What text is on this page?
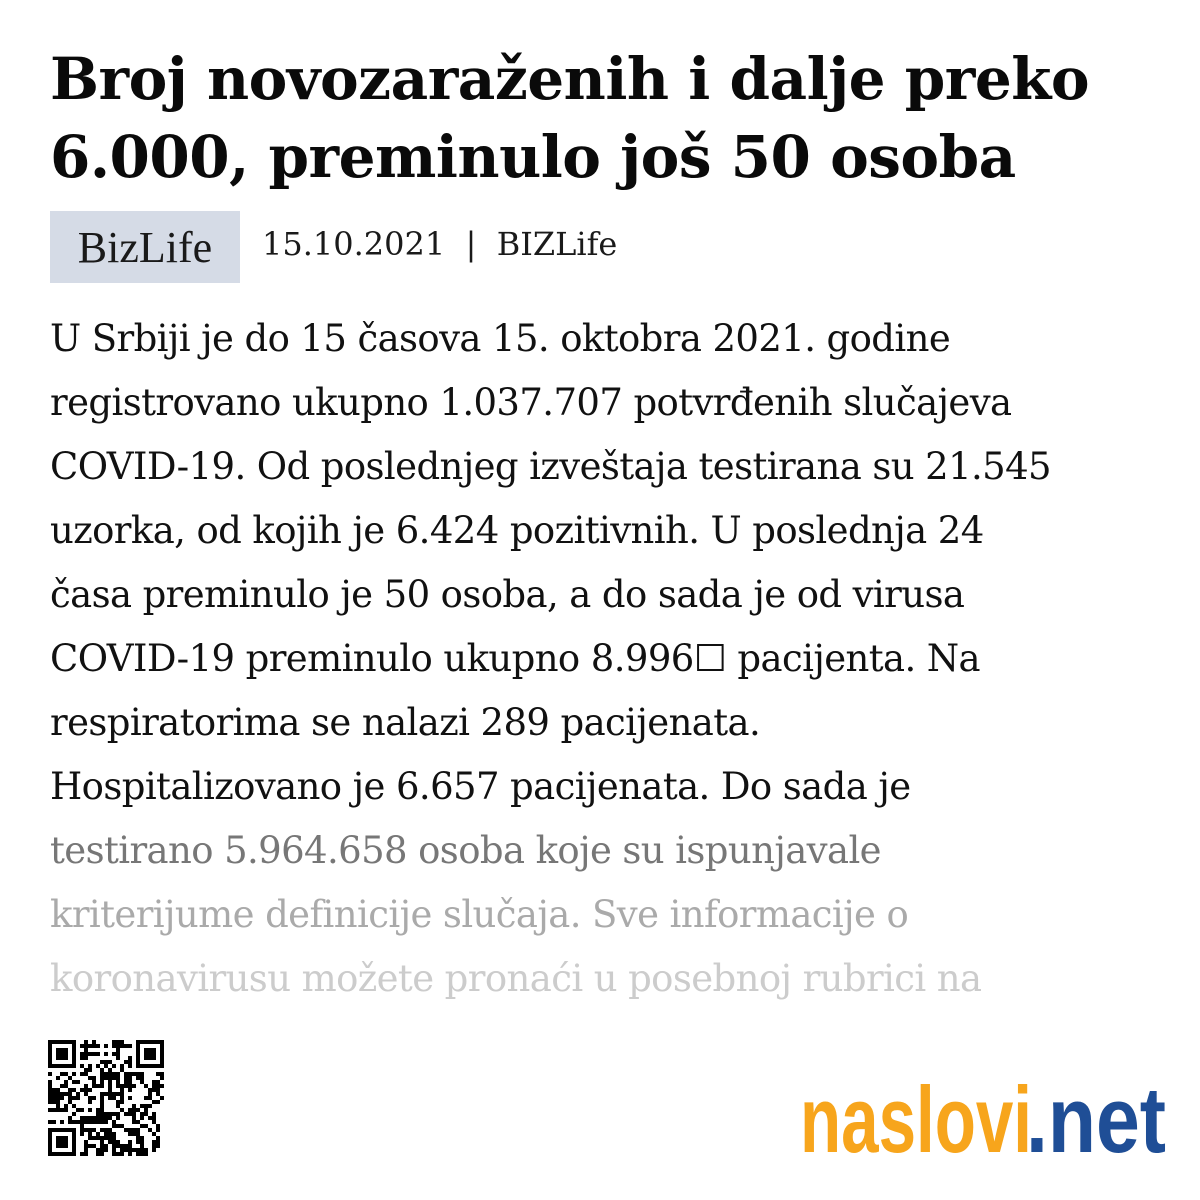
Broj novozaraženih i dalje preko
6.000, preminulo još 50 osoba
BizLife	15.10.2021 | BIZLife
U Srbiji je do 15 časova 15. oktobra 2021. godine
registrovano ukupno 1.037.707 potvrđenih slučajeva
COVID-19. Od poslednjeg izveštaja testirana su 21.545
uzorka, od kojih je 6.424 pozitivnih. U poslednja 24
časa preminulo je 50 osoba, a do sada je od virusa
COVID-19 preminulo ukupno 8.996☐ pacijenta. Na
respiratorima se nalazi 289 pacijenata.
Hospitalizovano je 6.657 pacijenata. Do sada je
testirano 5.964.658 osoba koje su ispunjavale
kriterijume definicije slučaja. Sve informacije o
koronavirusu možete pronaći u posebnoj rubrici na
naslovi
.net
